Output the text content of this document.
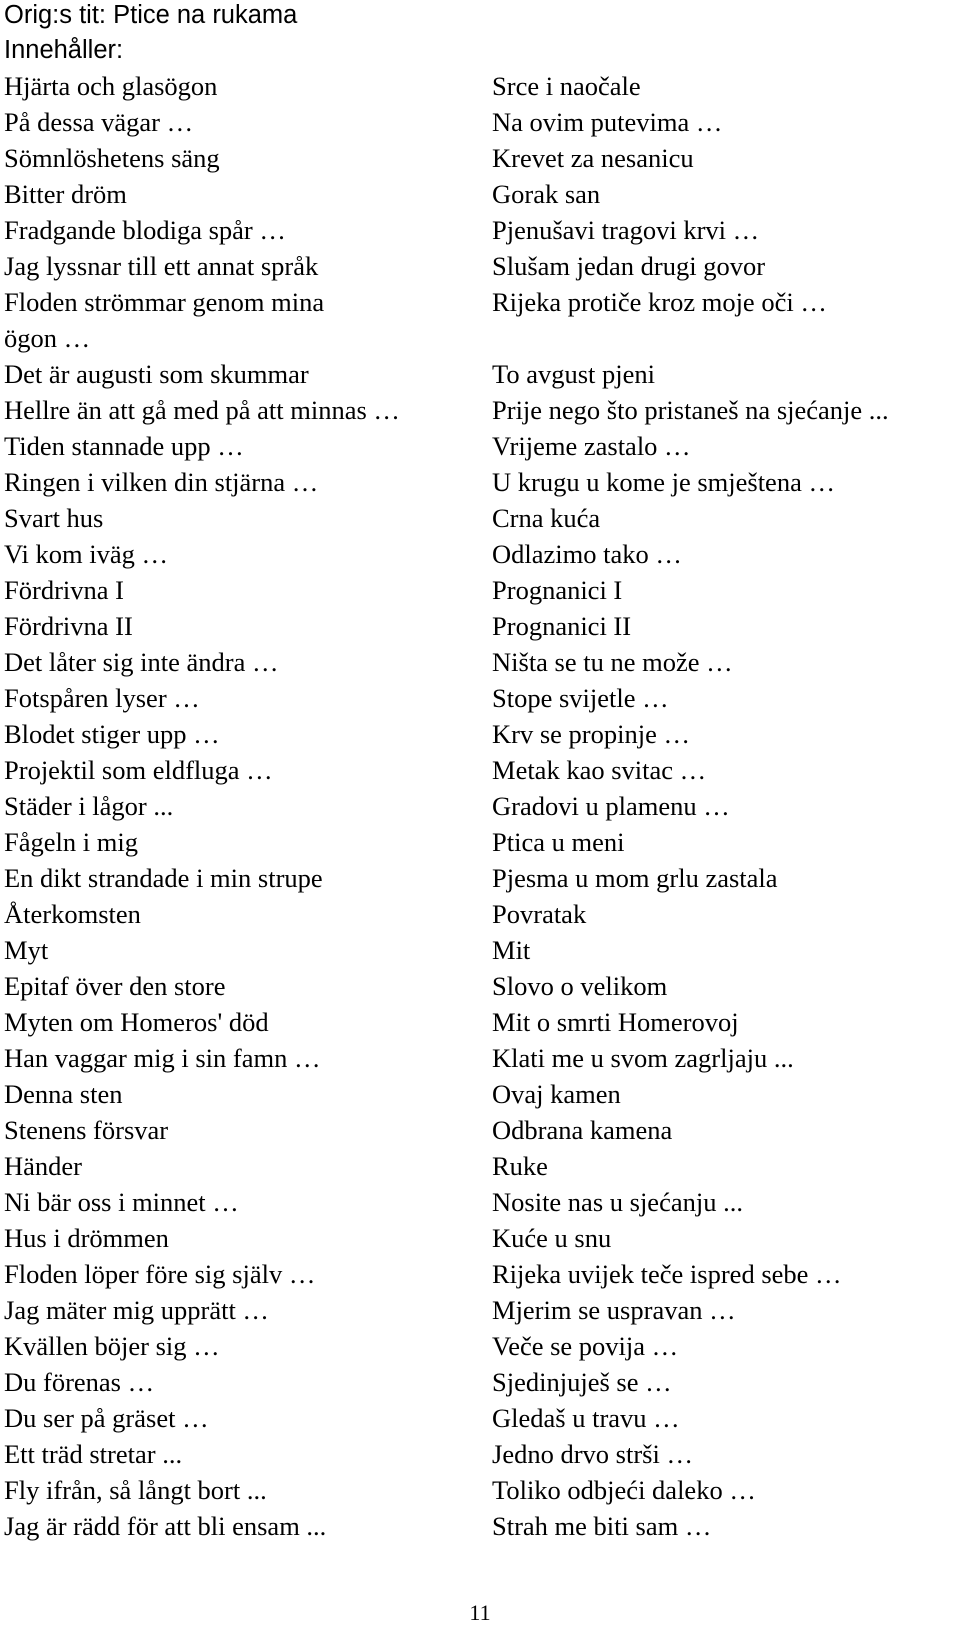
Orig:s tit: Ptice na rukama
Innehåller:
Hjärta och glasögon	Srce i naočale
På dessa vägar …	Na ovim putevima …
Sömnlöshetens säng	Krevet za nesanicu
Bitter dröm	Gorak san
Fradgande blodiga spår …	Pjenušavi tragovi krvi …
Jag lyssnar till ett annat språk	Slušam jedan drugi govor
Floden strömmar genom mina	Rijeka protiče kroz moje oči …
ögon …
Det är augusti som skummar	To avgust pjeni
Hellre än att gå med på att minnas …	Prije nego što pristaneš na sjećanje ...
Tiden stannade upp …	Vrijeme zastalo …
Ringen i vilken din stjärna …	U krugu u kome je smještena …
Svart hus	Crna kuća
Vi kom iväg …	Odlazimo tako …
Fördrivna I	Prognanici I
Fördrivna II	Prognanici II
Det låter sig inte ändra …	Ništa se tu ne može …
Fotspåren lyser …	Stope svijetle …
Blodet stiger upp …	Krv se propinje …
Projektil som eldfluga …	Metak kao svitac …
Städer i lågor ...	Gradovi u plamenu …
Fågeln i mig	Ptica u meni
En dikt strandade i min strupe	Pjesma u mom grlu zastala
Återkomsten	Povratak
Myt	Mit
Epitaf över den store	Slovo o velikom
Myten om Homeros' död	Mit o smrti Homerovoj
Han vaggar mig i sin famn …	Klati me u svom zagrljaju ...
Denna sten	Ovaj kamen
Stenens försvar	Odbrana kamena
Händer	Ruke
Ni bär oss i minnet …	Nosite nas u sjećanju ...
Hus i drömmen	Kuće u snu
Floden löper före sig själv …	Rijeka uvijek teče ispred sebe …
Jag mäter mig upprätt …	Mjerim se uspravan …
Kvällen böjer sig …	Veče se povija …
Du förenas …	Sjedinjuješ se …
Du ser på gräset …	Gledaš u travu …
Ett träd stretar ...	Jedno drvo strši …
Fly ifrån, så långt bort ...	Toliko odbjeći daleko …
Jag är rädd för att bli ensam ...	Strah me biti sam …
11
